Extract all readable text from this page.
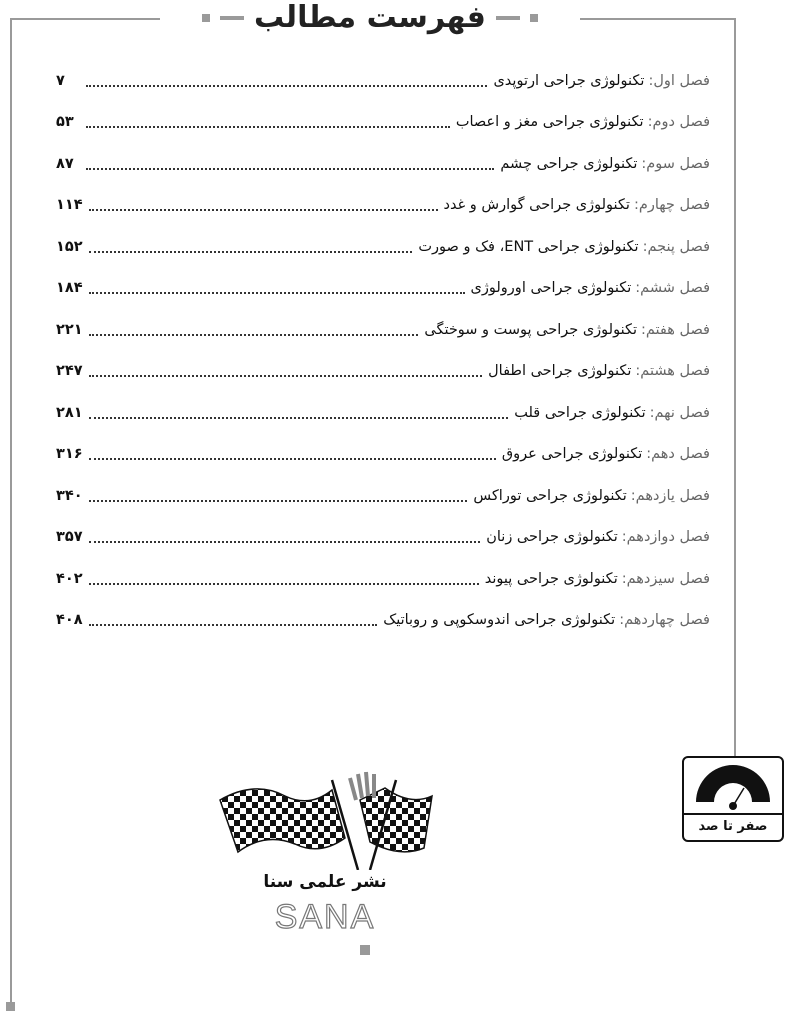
فهرست مطالب
فصل اول:
تکنولوژی جراحی ارتوپدی
۷
فصل دوم:
تکنولوژی جراحی مغز و اعصاب
۵۳
فصل سوم:
تکنولوژی جراحی چشم
۸۷
فصل چهارم:
تکنولوژی جراحی گوارش و غدد
۱۱۴
فصل پنجم:
تکنولوژی جراحی ENT، فک و صورت
۱۵۲
فصل ششم:
تکنولوژی جراحی اورولوژی
۱۸۴
فصل هفتم:
تکنولوژی جراحی پوست و سوختگی
۲۲۱
فصل هشتم:
تکنولوژی جراحی اطفال
۲۴۷
فصل نهم:
تکنولوژی جراحی قلب
۲۸۱
فصل دهم:
تکنولوژی جراحی عروق
۳۱۶
فصل یازدهم:
تکنولوژی جراحی توراکس
۳۴۰
فصل دوازدهم:
تکنولوژی جراحی زنان
۳۵۷
فصل سیزدهم:
تکنولوژی جراحی پیوند
۴۰۲
فصل چهاردهم:
تکنولوژی جراحی اندوسکوپی و روباتیک
۴۰۸
صفر تا صد
نشر علمی سنا
SANA
